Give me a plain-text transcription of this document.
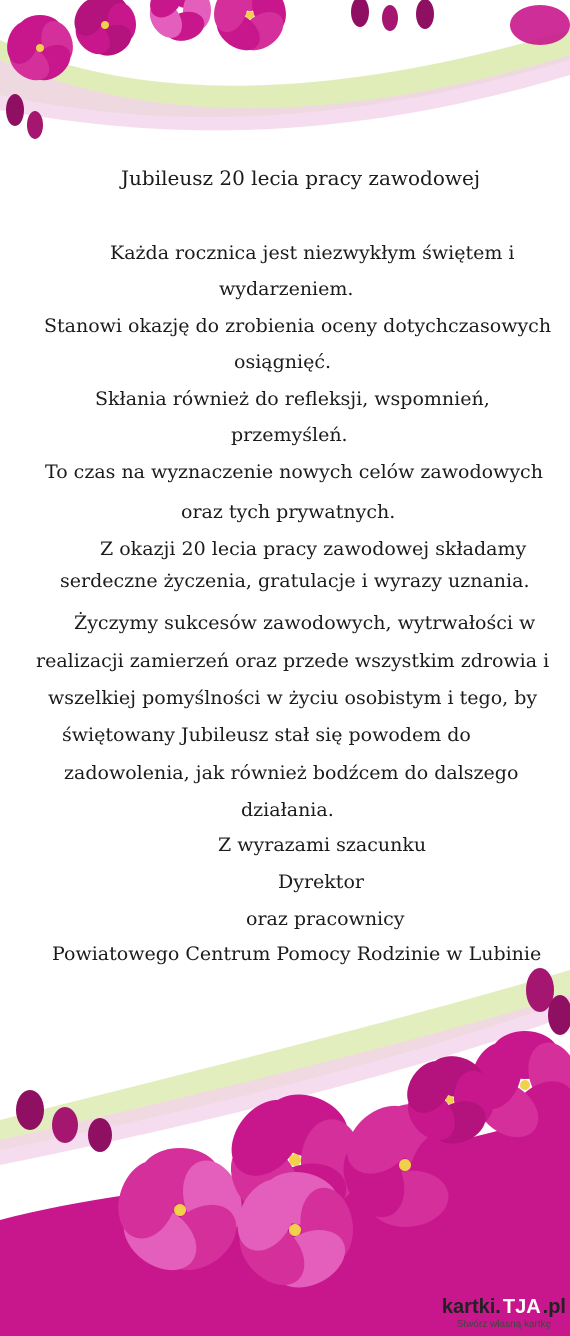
Jubileusz 20 lecia pracy zawodowej
Każda rocznica jest niezwykłym świętem i
wydarzeniem.
Stanowi okazję do zrobienia oceny dotychczasowych
osiągnięć.
Skłania również do refleksji, wspomnień,
przemyśleń.
To czas na wyznaczenie nowych celów zawodowych
oraz tych prywatnych.
Z okazji 20 lecia pracy zawodowej składamy
serdeczne życzenia, gratulacje i wyrazy uznania.
Życzymy sukcesów zawodowych, wytrwałości w
realizacji zamierzeń oraz przede wszystkim zdrowia i
wszelkiej pomyślności w życiu osobistym i tego, by
świętowany Jubileusz stał się powodem do
zadowolenia, jak również bodźcem do dalszego
działania.
Z wyrazami szacunku
Dyrektor
oraz pracownicy
Powiatowego Centrum Pomocy Rodzinie w Lubinie
kartki. TJA .pl
Stwórz własną kartkę
